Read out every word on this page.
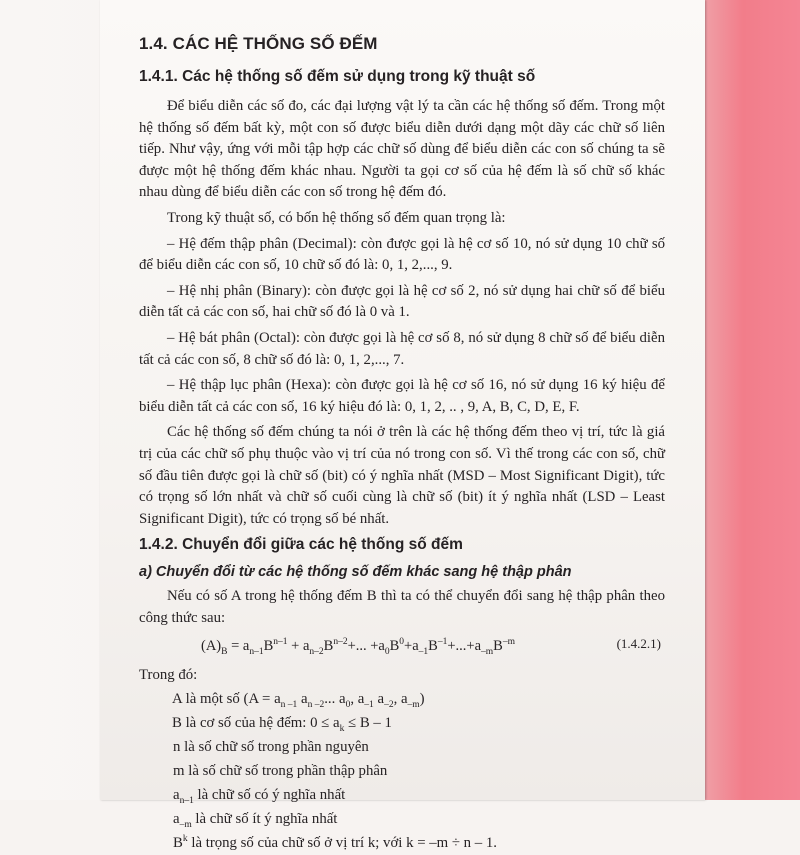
1.4. CÁC HỆ THỐNG SỐ ĐẾM
1.4.1. Các hệ thống số đếm sử dụng trong kỹ thuật số

Để biểu diễn các số đo, các đại lượng vật lý ta cần các hệ thống số đếm. Trong một hệ thống số đếm bất kỳ, một con số được biểu diễn dưới dạng một dãy các chữ số liên tiếp. Như vậy, ứng với mỗi tập hợp các chữ số dùng để biểu diễn các con số chúng ta sẽ được một hệ thống đếm khác nhau. Người ta gọi cơ số của hệ đếm là số chữ số khác nhau dùng để biểu diễn các con số trong hệ đếm đó.

Trong kỹ thuật số, có bốn hệ thống số đếm quan trọng là:

– Hệ đếm thập phân (Decimal): còn được gọi là hệ cơ số 10, nó sử dụng 10 chữ số để biểu diễn các con số, 10 chữ số đó là: 0, 1, 2,..., 9.

– Hệ nhị phân (Binary): còn được gọi là hệ cơ số 2, nó sử dụng hai chữ số để biểu diễn tất cả các con số, hai chữ số đó là 0 và 1.

– Hệ bát phân (Octal): còn được gọi là hệ cơ số 8, nó sử dụng 8 chữ số để biểu diễn tất cả các con số, 8 chữ số đó là: 0, 1, 2,..., 7.

– Hệ thập lục phân (Hexa): còn được gọi là hệ cơ số 16, nó sử dụng 16 ký hiệu để biểu diễn tất cả các con số, 16 ký hiệu đó là: 0, 1, 2, .. , 9, A, B, C, D, E, F.

Các hệ thống số đếm chúng ta nói ở trên là các hệ thống đếm theo vị trí, tức là giá trị của các chữ số phụ thuộc vào vị trí của nó trong con số. Vì thế trong các con số, chữ số đầu tiên được gọi là chữ số (bit) có ý nghĩa nhất (MSD – Most Significant Digit), tức có trọng số lớn nhất và chữ số cuối cùng là chữ số (bit) ít ý nghĩa nhất (LSD – Least Significant Digit), tức có trọng số bé nhất.

1.4.2. Chuyển đổi giữa các hệ thống số đếm
a) Chuyển đổi từ các hệ thống số đếm khác sang hệ thập phân

Nếu có số A trong hệ thống đếm B thì ta có thể chuyển đổi sang hệ thập phân theo công thức sau:

$(A)_B = a_{n-1}B^{n-1} + a_{n-2}B^{n-2}+$... $+a_0B^0+a_{-1}B^{-1}+...+a_{-m}B^{-m}$	(1.4.2.1)
Trong đó:
A là một số ($A = a_{n -1}$ $a_{n -2}$... $a_0$, $a_{-1}$ $a_{-2}$, $a_{-m}$)
B là cơ số của hệ đếm: $0 \le a_k \le B - 1$
n là số chữ số trong phần nguyên
m là số chữ số trong phần thập phân
$a_{n-1}$ là chữ số có ý nghĩa nhất
$a_{-m}$ là chữ số ít ý nghĩa nhất
$B^k$ là trọng số của chữ số ở vị trí k; với k = –m ÷ n – 1.
